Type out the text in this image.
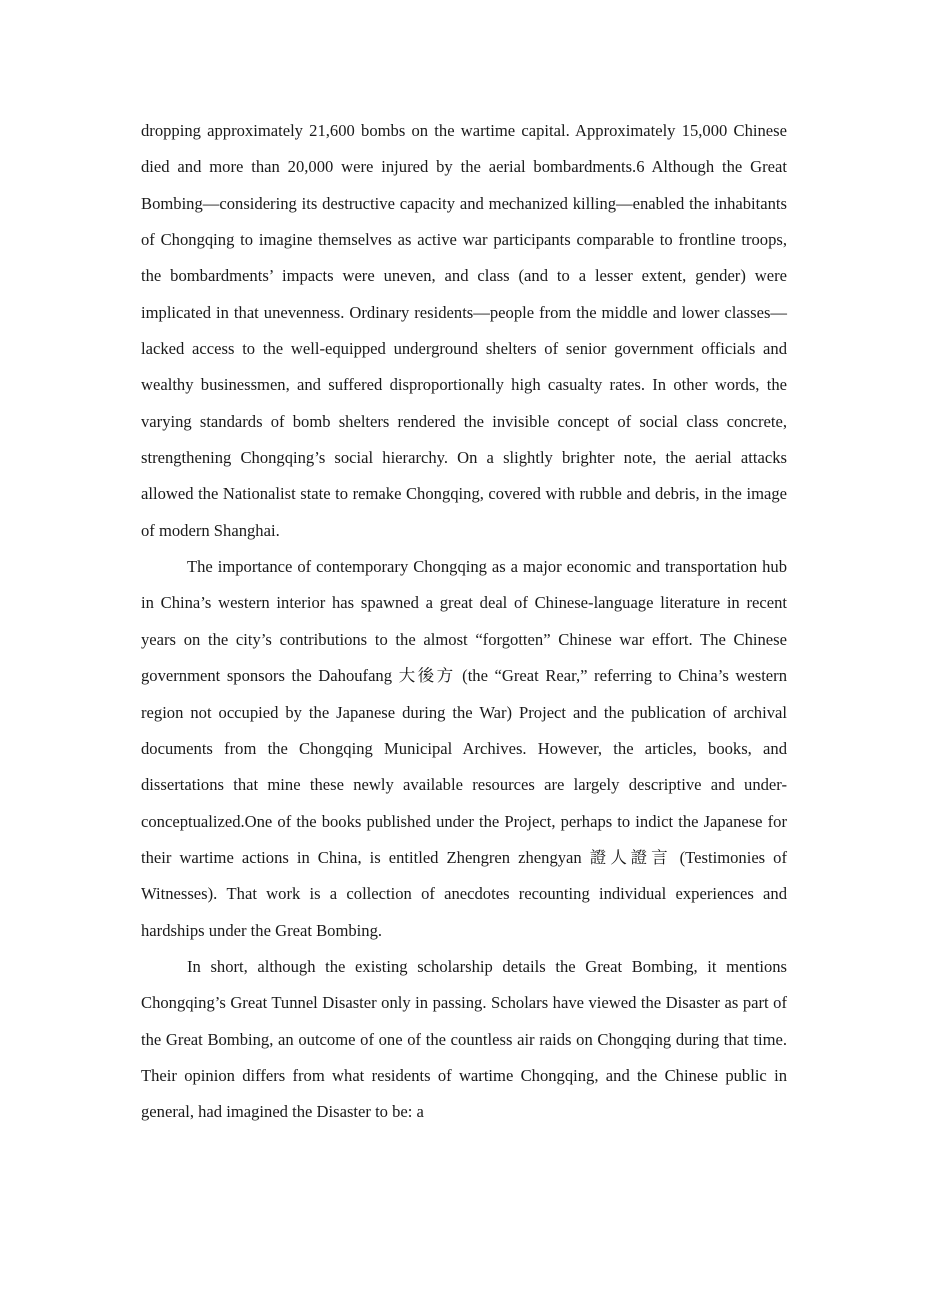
dropping approximately 21,600 bombs on the wartime capital. Approximately 15,000 Chinese died and more than 20,000 were injured by the aerial bombardments.6 Although the Great Bombing—considering its destructive capacity and mechanized killing—enabled the inhabitants of Chongqing to imagine themselves as active war participants comparable to frontline troops, the bombardments’ impacts were uneven, and class (and to a lesser extent, gender) were implicated in that unevenness. Ordinary residents—people from the middle and lower classes—lacked access to the well-equipped underground shelters of senior government officials and wealthy businessmen, and suffered disproportionally high casualty rates. In other words, the varying standards of bomb shelters rendered the invisible concept of social class concrete, strengthening Chongqing’s social hierarchy. On a slightly brighter note, the aerial attacks allowed the Nationalist state to remake Chongqing, covered with rubble and debris, in the image of modern Shanghai.

The importance of contemporary Chongqing as a major economic and transportation hub in China’s western interior has spawned a great deal of Chinese-language literature in recent years on the city’s contributions to the almost “forgotten” Chinese war effort. The Chinese government sponsors the Dahoufang 大後方 (the “Great Rear,” referring to China’s western region not occupied by the Japanese during the War) Project and the publication of archival documents from the Chongqing Municipal Archives. However, the articles, books, and dissertations that mine these newly available resources are largely descriptive and under-conceptualized.One of the books published under the Project, perhaps to indict the Japanese for their wartime actions in China, is entitled Zhengren zhengyan 證人證言 (Testimonies of Witnesses). That work is a collection of anecdotes recounting individual experiences and hardships under the Great Bombing.

In short, although the existing scholarship details the Great Bombing, it mentions Chongqing’s Great Tunnel Disaster only in passing. Scholars have viewed the Disaster as part of the Great Bombing, an outcome of one of the countless air raids on Chongqing during that time. Their opinion differs from what residents of wartime Chongqing, and the Chinese public in general, had imagined the Disaster to be: a
